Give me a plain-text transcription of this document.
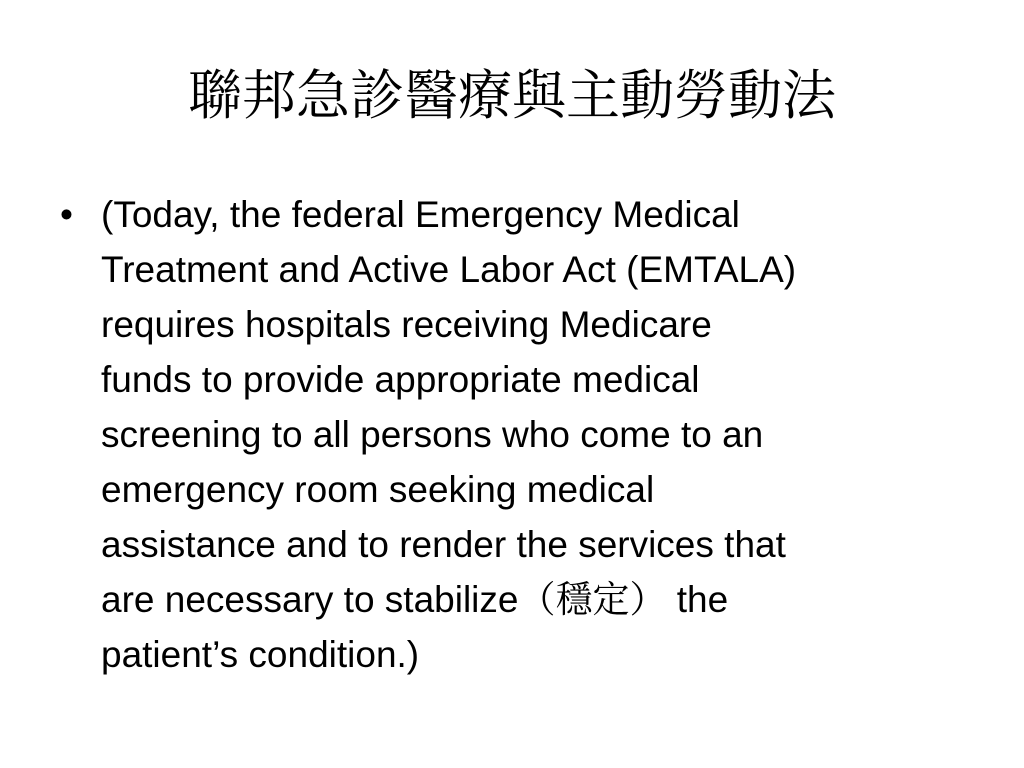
聯邦急診醫療與主動勞動法
• (Today, the federal Emergency Medical
Treatment and Active Labor Act (EMTALA)
requires hospitals receiving Medicare
funds to provide appropriate medical
screening to all persons who come to an
emergency room seeking medical
assistance and to render the services that
are necessary to stabilize（穩定） the
patient’s condition.)
